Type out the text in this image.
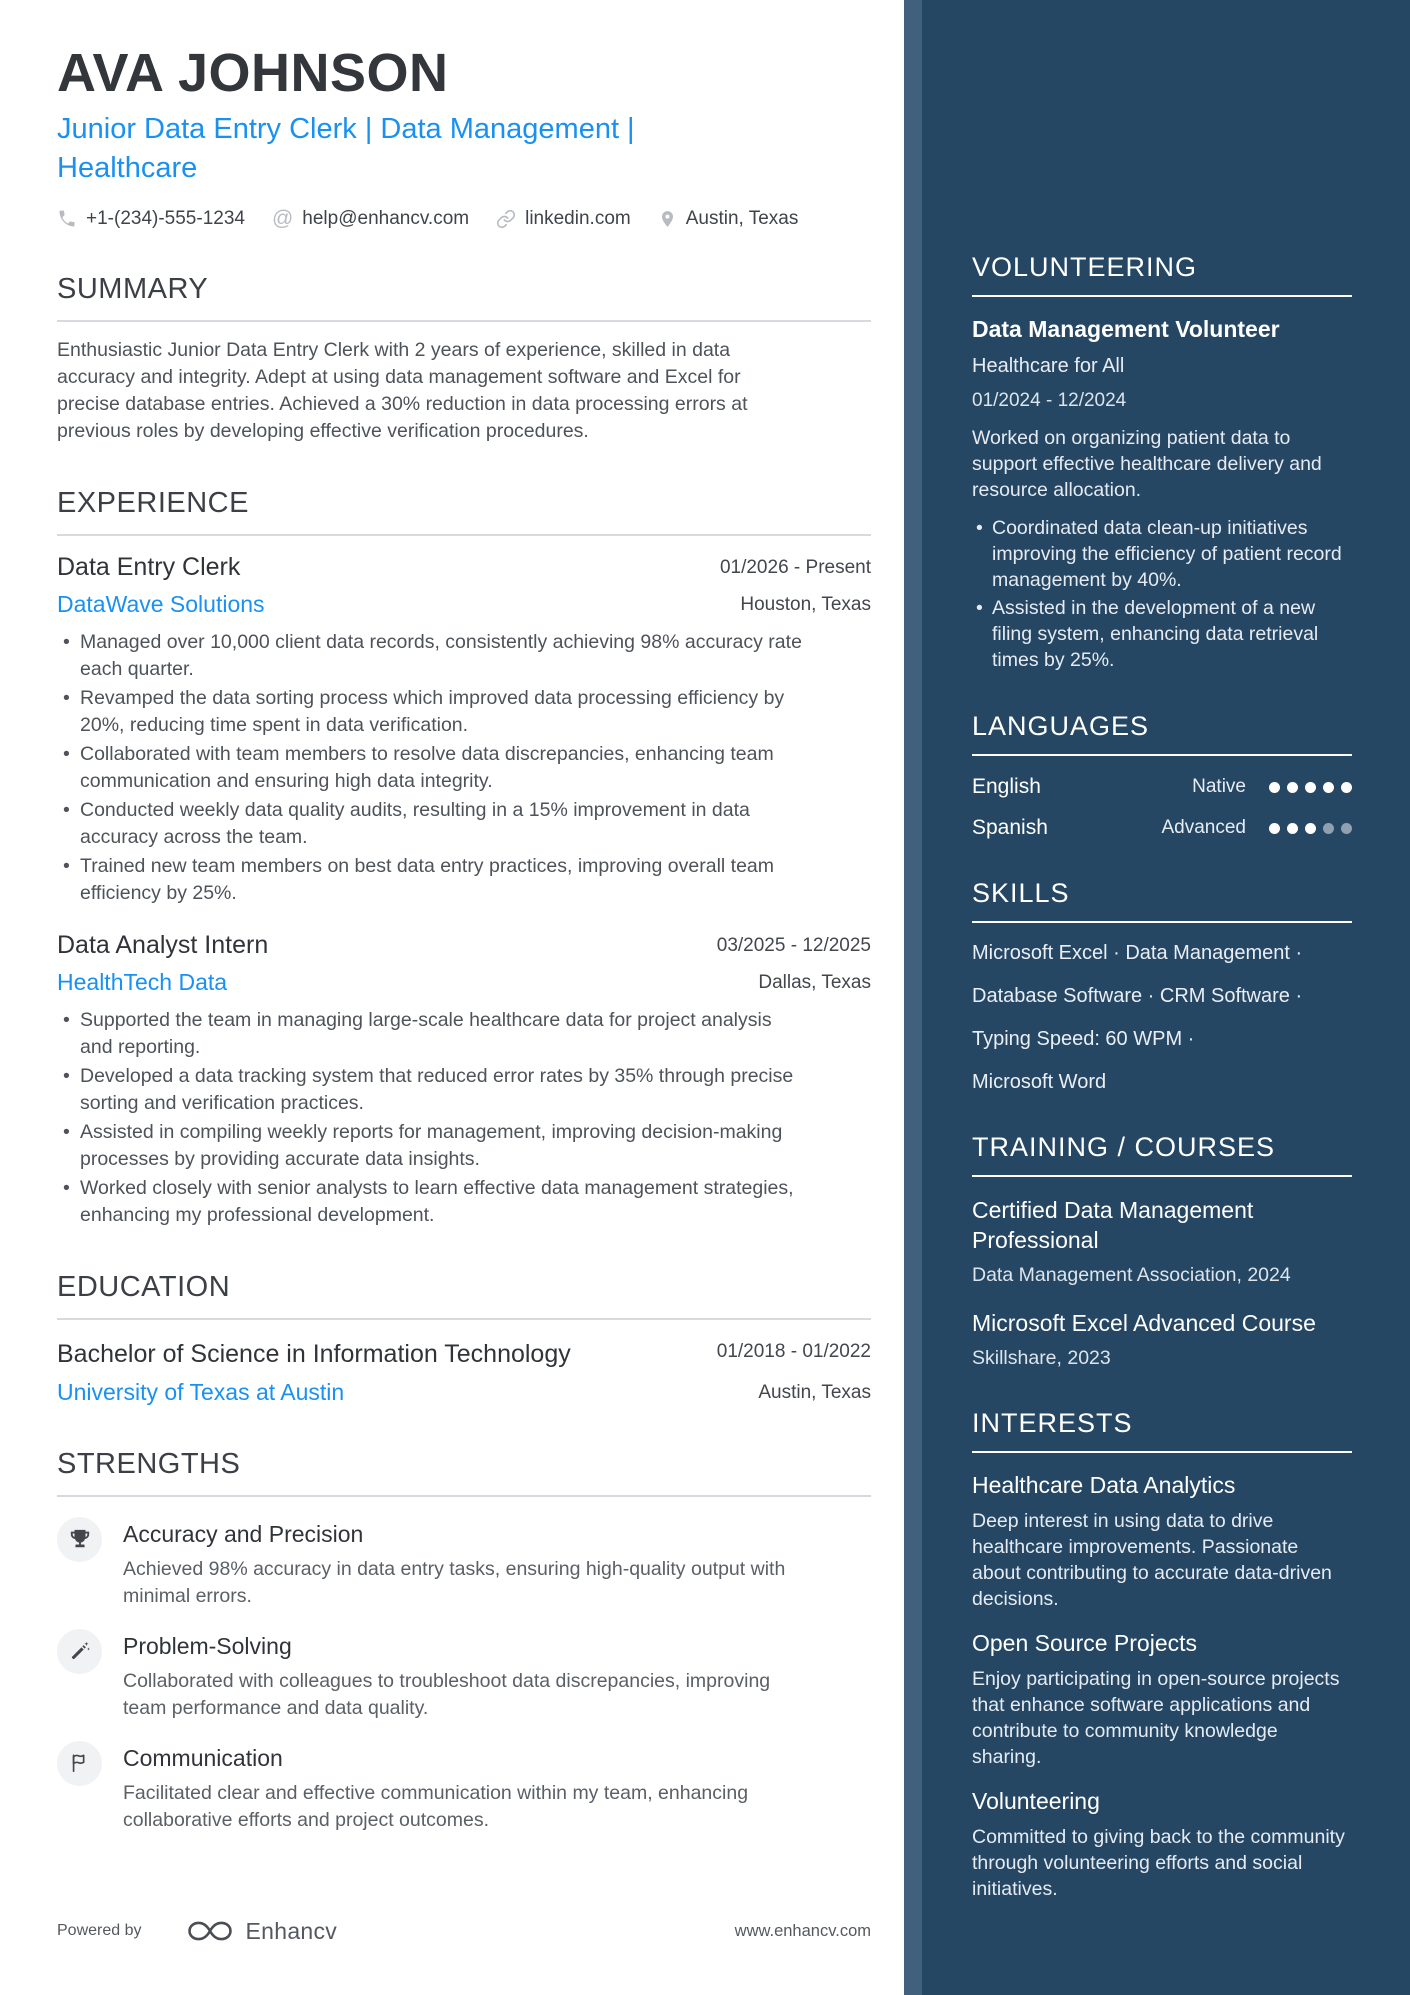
AVA JOHNSON
Junior Data Entry Clerk | Data Management | Healthcare
+1-(234)-555-1234 @ help@enhancv.com	linkedin.com	Austin, Texas
SUMMARY
Enthusiastic Junior Data Entry Clerk with 2 years of experience, skilled in data accuracy and integrity. Adept at using data management software and Excel for precise database entries. Achieved a 30% reduction in data processing errors at previous roles by developing effective verification procedures.
EXPERIENCE
Data Entry Clerk	01/2026 - Present
DataWave Solutions	Houston, Texas
• Managed over 10,000 client data records, consistently achieving 98% accuracy rate each quarter.
• Revamped the data sorting process which improved data processing efficiency by 20%, reducing time spent in data verification.
• Collaborated with team members to resolve data discrepancies, enhancing team communication and ensuring high data integrity.
• Conducted weekly data quality audits, resulting in a 15% improvement in data accuracy across the team.
• Trained new team members on best data entry practices, improving overall team efficiency by 25%.
Data Analyst Intern	03/2025 - 12/2025
HealthTech Data	Dallas, Texas
• Supported the team in managing large-scale healthcare data for project analysis and reporting.
• Developed a data tracking system that reduced error rates by 35% through precise sorting and verification practices.
• Assisted in compiling weekly reports for management, improving decision-making processes by providing accurate data insights.
• Worked closely with senior analysts to learn effective data management strategies, enhancing my professional development.
EDUCATION
Bachelor of Science in Information Technology	01/2018 - 01/2022
University of Texas at Austin	Austin, Texas
STRENGTHS
Accuracy and Precision
Achieved 98% accuracy in data entry tasks, ensuring high-quality output with minimal errors.
Problem-Solving
Collaborated with colleagues to troubleshoot data discrepancies, improving team performance and data quality.
Communication
Facilitated clear and effective communication within my team, enhancing collaborative efforts and project outcomes.
Powered by	Enhancv	www.enhancv.com
VOLUNTEERING
Data Management Volunteer
Healthcare for All
01/2024 - 12/2024
Worked on organizing patient data to support effective healthcare delivery and resource allocation.
• Coordinated data clean-up initiatives improving the efficiency of patient record management by 40%.
• Assisted in the development of a new filing system, enhancing data retrieval times by 25%.
LANGUAGES
English	Native
Spanish	Advanced
SKILLS
Microsoft Excel · Data Management ·
Database Software · CRM Software ·
Typing Speed: 60 WPM ·
Microsoft Word
TRAINING / COURSES
Certified Data Management Professional
Data Management Association, 2024
Microsoft Excel Advanced Course
Skillshare, 2023
INTERESTS
Healthcare Data Analytics
Deep interest in using data to drive healthcare improvements. Passionate about contributing to accurate data-driven decisions.
Open Source Projects
Enjoy participating in open-source projects that enhance software applications and contribute to community knowledge sharing.
Volunteering
Committed to giving back to the community through volunteering efforts and social initiatives.
